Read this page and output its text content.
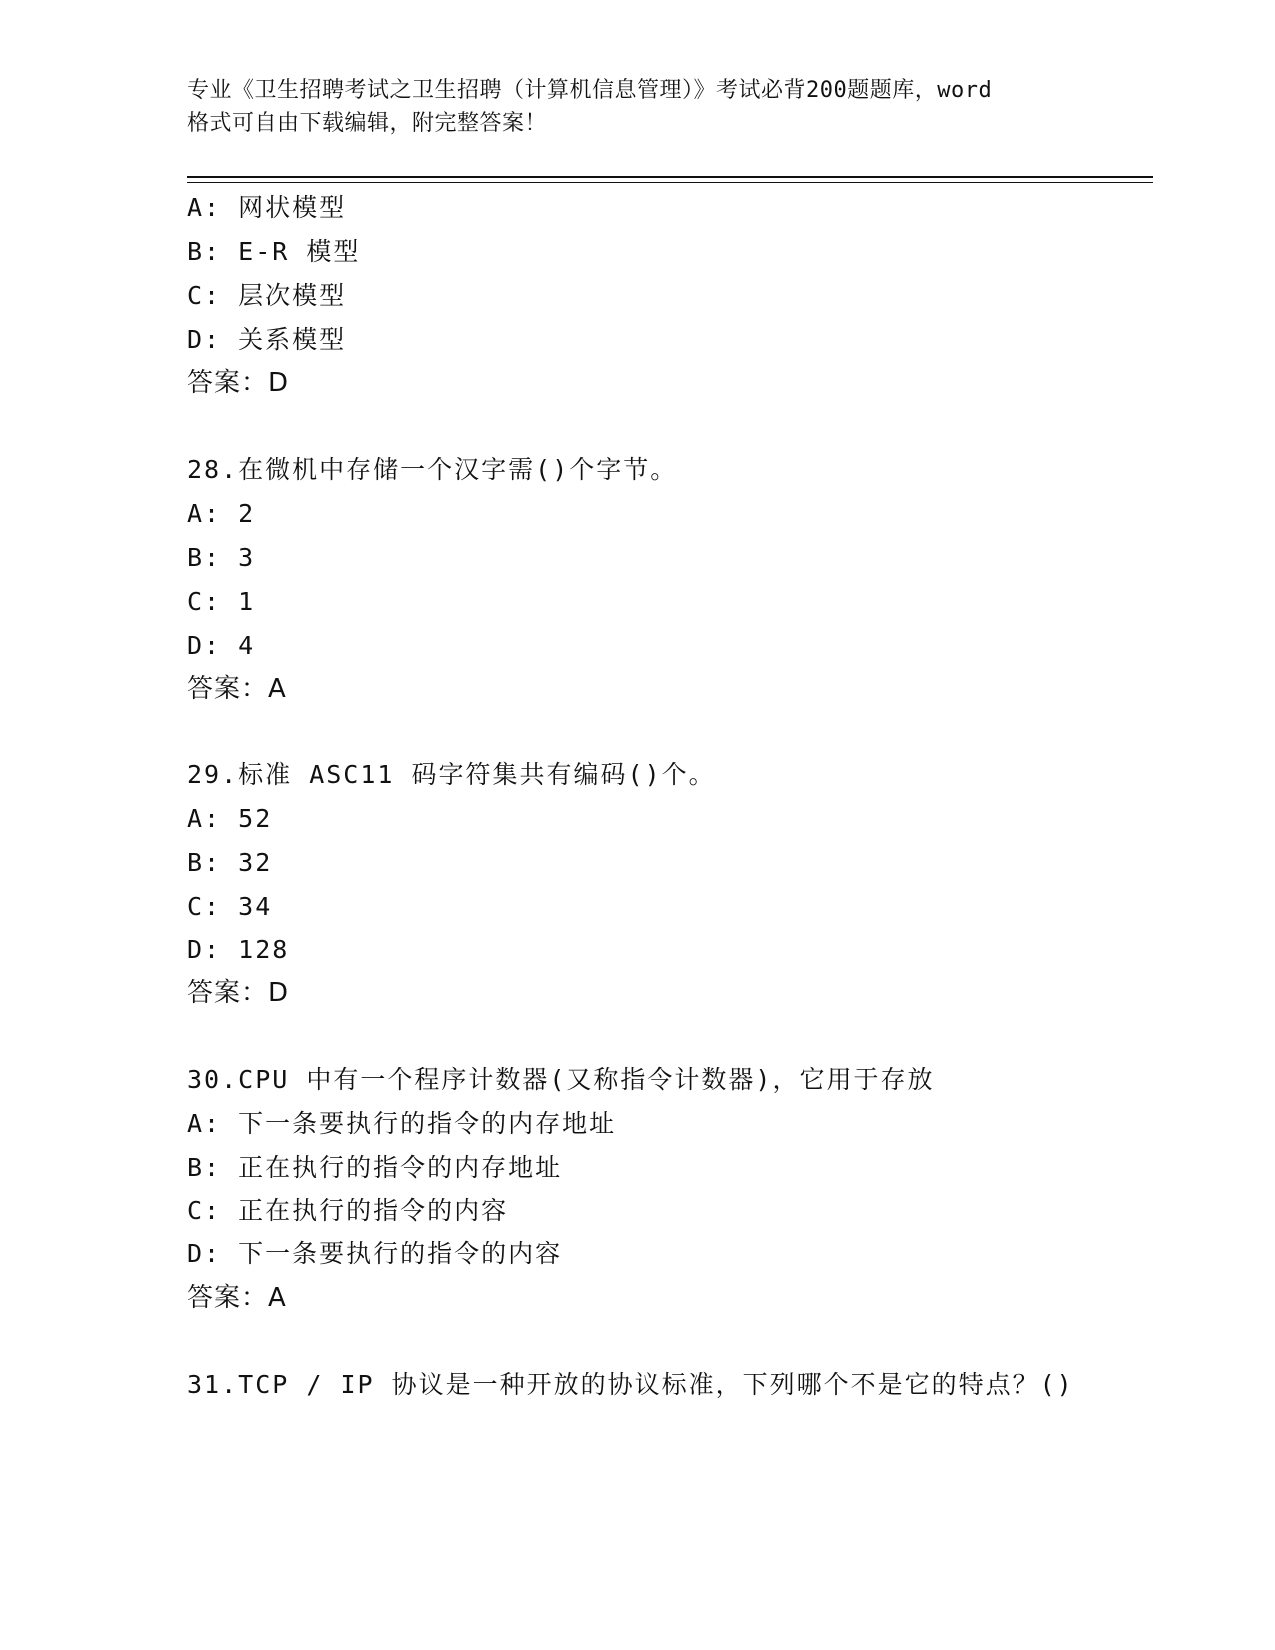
专业《卫生招聘考试之卫生招聘（计算机信息管理）》考试必背200题题库，word
格式可自由下载编辑，附完整答案！
A: 网状模型
B: E-R 模型
C: 层次模型
D: 关系模型
答案：D
28.在微机中存储一个汉字需()个字节。
A: 2
B: 3
C: 1
D: 4
答案：A
29.标准 ASC11 码字符集共有编码()个。
A: 52
B: 32
C: 34
D: 128
答案：D
30.CPU 中有一个程序计数器(又称指令计数器)，它用于存放
A: 下一条要执行的指令的内存地址
B: 正在执行的指令的内存地址
C: 正在执行的指令的内容
D: 下一条要执行的指令的内容
答案：A
31.TCP / IP 协议是一种开放的协议标准，下列哪个不是它的特点？()
